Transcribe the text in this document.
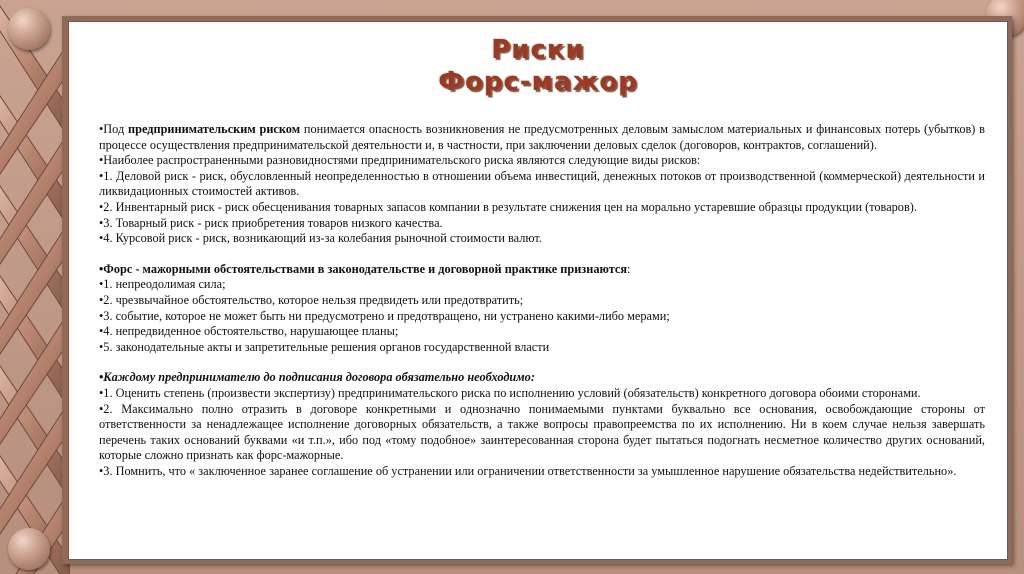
Риски
Форс-мажор

•Под предпринимательским риском понимается опасность возникновения не предусмотренных деловым замыслом материальных и финансовых потерь (убытков) в процессе осуществления предпринимательской деятельности и, в частности, при заключении деловых сделок (договоров, контрактов, соглашений).

•Наиболее распространенными разновидностями предпринимательского риска являются следующие виды рисков:

•1. Деловой риск - риск, обусловленный неопределенностью в отношении объема инвестиций, денежных потоков от производственной (коммерческой) деятельности и ликвидационных стоимостей активов.

•2. Инвентарный риск - риск обесценивания товарных запасов компании в результате снижения цен на морально устаревшие образцы продукции (товаров).

•3. Товарный риск - риск приобретения товаров низкого качества.

•4. Курсовой риск - риск, возникающий из-за колебания рыночной стоимости валют.

•Форс - мажорными обстоятельствами в законодательстве и договорной практике признаются:

•1. непреодолимая сила;

•2. чрезвычайное обстоятельство, которое нельзя предвидеть или предотвратить;

•3. событие, которое не может быть ни предусмотрено и предотвращено, ни устранено какими-либо мерами;

•4. непредвиденное обстоятельство, нарушающее планы;

•5. законодательные акты и запретительные решения органов государственной власти

•Каждому предпринимателю до подписания договора обязательно необходимо:

•1. Оценить степень (произвести экспертизу) предпринимательского риска по исполнению условий (обязательств) конкретного договора обоими сторонами.

•2. Максимально полно отразить в договоре конкретными и однозначно понимаемыми пунктами буквально все основания, освобождающие стороны от ответственности за ненадлежащее исполнение договорных обязательств, а также вопросы правопреемства по их исполнению. Ни в коем случае нельзя завершать перечень таких оснований буквами «и т.п.», ибо под «тому подобное» заинтересованная сторона будет пытаться подогнать несметное количество других оснований, которые сложно признать как форс-мажорные.

•3. Помнить, что « заключенное заранее соглашение об устранении или ограничении ответственности за умышленное нарушение обязательства недействительно».
